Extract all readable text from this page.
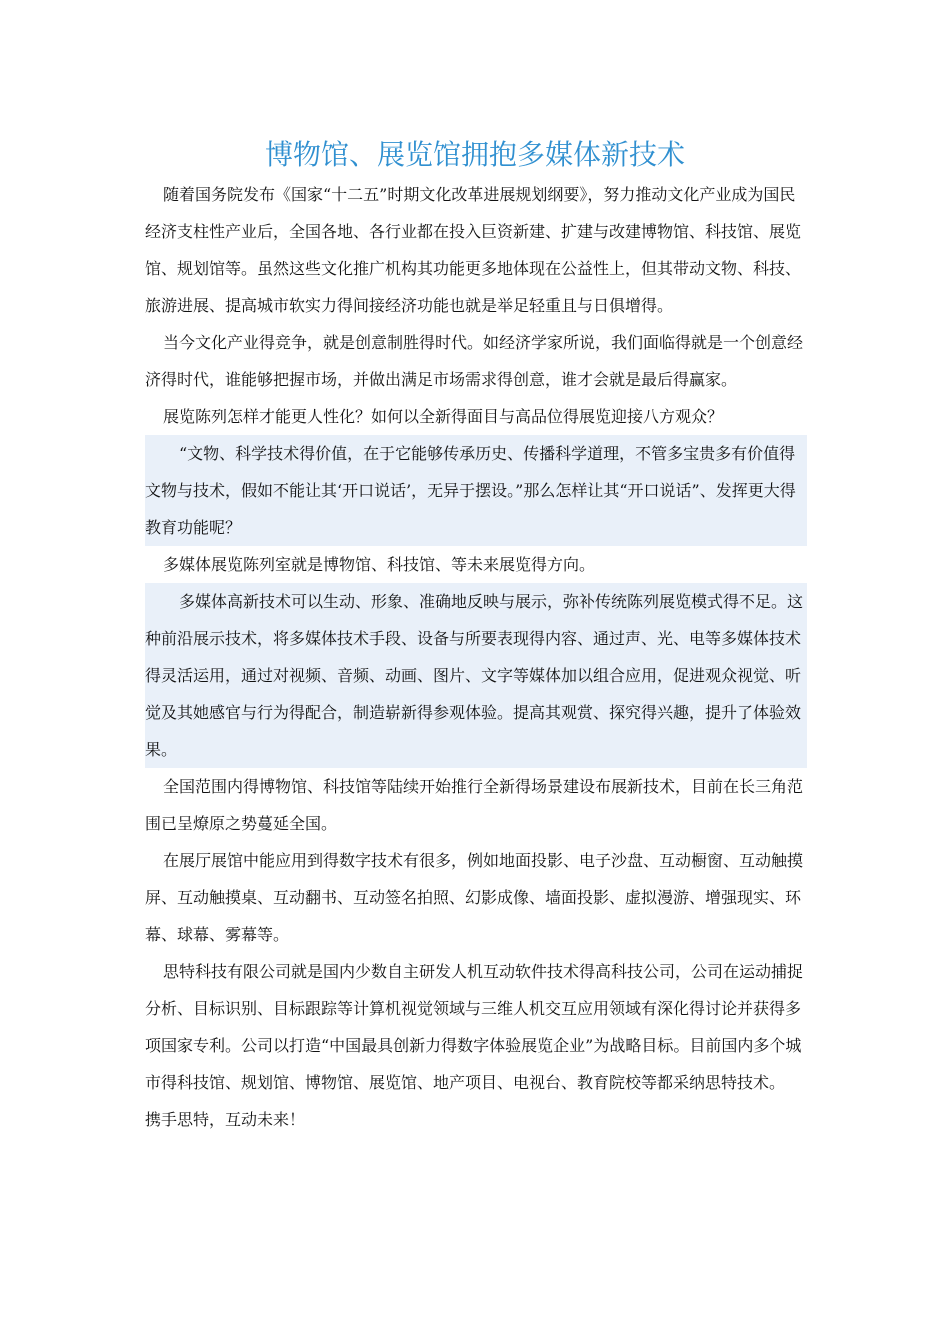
博物馆、展览馆拥抱多媒体新技术

随着国务院发布《国家“十二五”时期文化改革进展规划纲要》，努力推动文化产业成为国民经济支柱性产业后，全国各地、各行业都在投入巨资新建、扩建与改建博物馆、科技馆、展览馆、规划馆等。虽然这些文化推广机构其功能更多地体现在公益性上，但其带动文物、科技、旅游进展、提高城市软实力得间接经济功能也就是举足轻重且与日俱增得。

当今文化产业得竞争，就是创意制胜得时代。如经济学家所说，我们面临得就是一个创意经济得时代，谁能够把握市场，并做出满足市场需求得创意，谁才会就是最后得赢家。

展览陈列怎样才能更人性化？如何以全新得面目与高品位得展览迎接八方观众？

“文物、科学技术得价值，在于它能够传承历史、传播科学道理，不管多宝贵多有价值得文物与技术，假如不能让其‘开口说话’，无异于摆设。”那么怎样让其“开口说话”、发挥更大得教育功能呢？

多媒体展览陈列室就是博物馆、科技馆、等未来展览得方向。

多媒体高新技术可以生动、形象、准确地反映与展示，弥补传统陈列展览模式得不足。这种前沿展示技术，将多媒体技术手段、设备与所要表现得内容、通过声、光、电等多媒体技术得灵活运用，通过对视频、音频、动画、图片、文字等媒体加以组合应用，促进观众视觉、听觉及其她感官与行为得配合，制造崭新得参观体验。提高其观赏、探究得兴趣，提升了体验效果。

全国范围内得博物馆、科技馆等陆续开始推行全新得场景建设布展新技术，目前在长三角范围已呈燎原之势蔓延全国。

在展厅展馆中能应用到得数字技术有很多，例如地面投影、电子沙盘、互动橱窗、互动触摸屏、互动触摸桌、互动翻书、互动签名拍照、幻影成像、墙面投影、虚拟漫游、增强现实、环幕、球幕、雾幕等。

思特科技有限公司就是国内少数自主研发人机互动软件技术得高科技公司，公司在运动捕捉分析、目标识别、目标跟踪等计算机视觉领域与三维人机交互应用领域有深化得讨论并获得多项国家专利。公司以打造“中国最具创新力得数字体验展览企业”为战略目标。目前国内多个城市得科技馆、规划馆、博物馆、展览馆、地产项目、电视台、教育院校等都采纳思特技术。

携手思特，互动未来！
